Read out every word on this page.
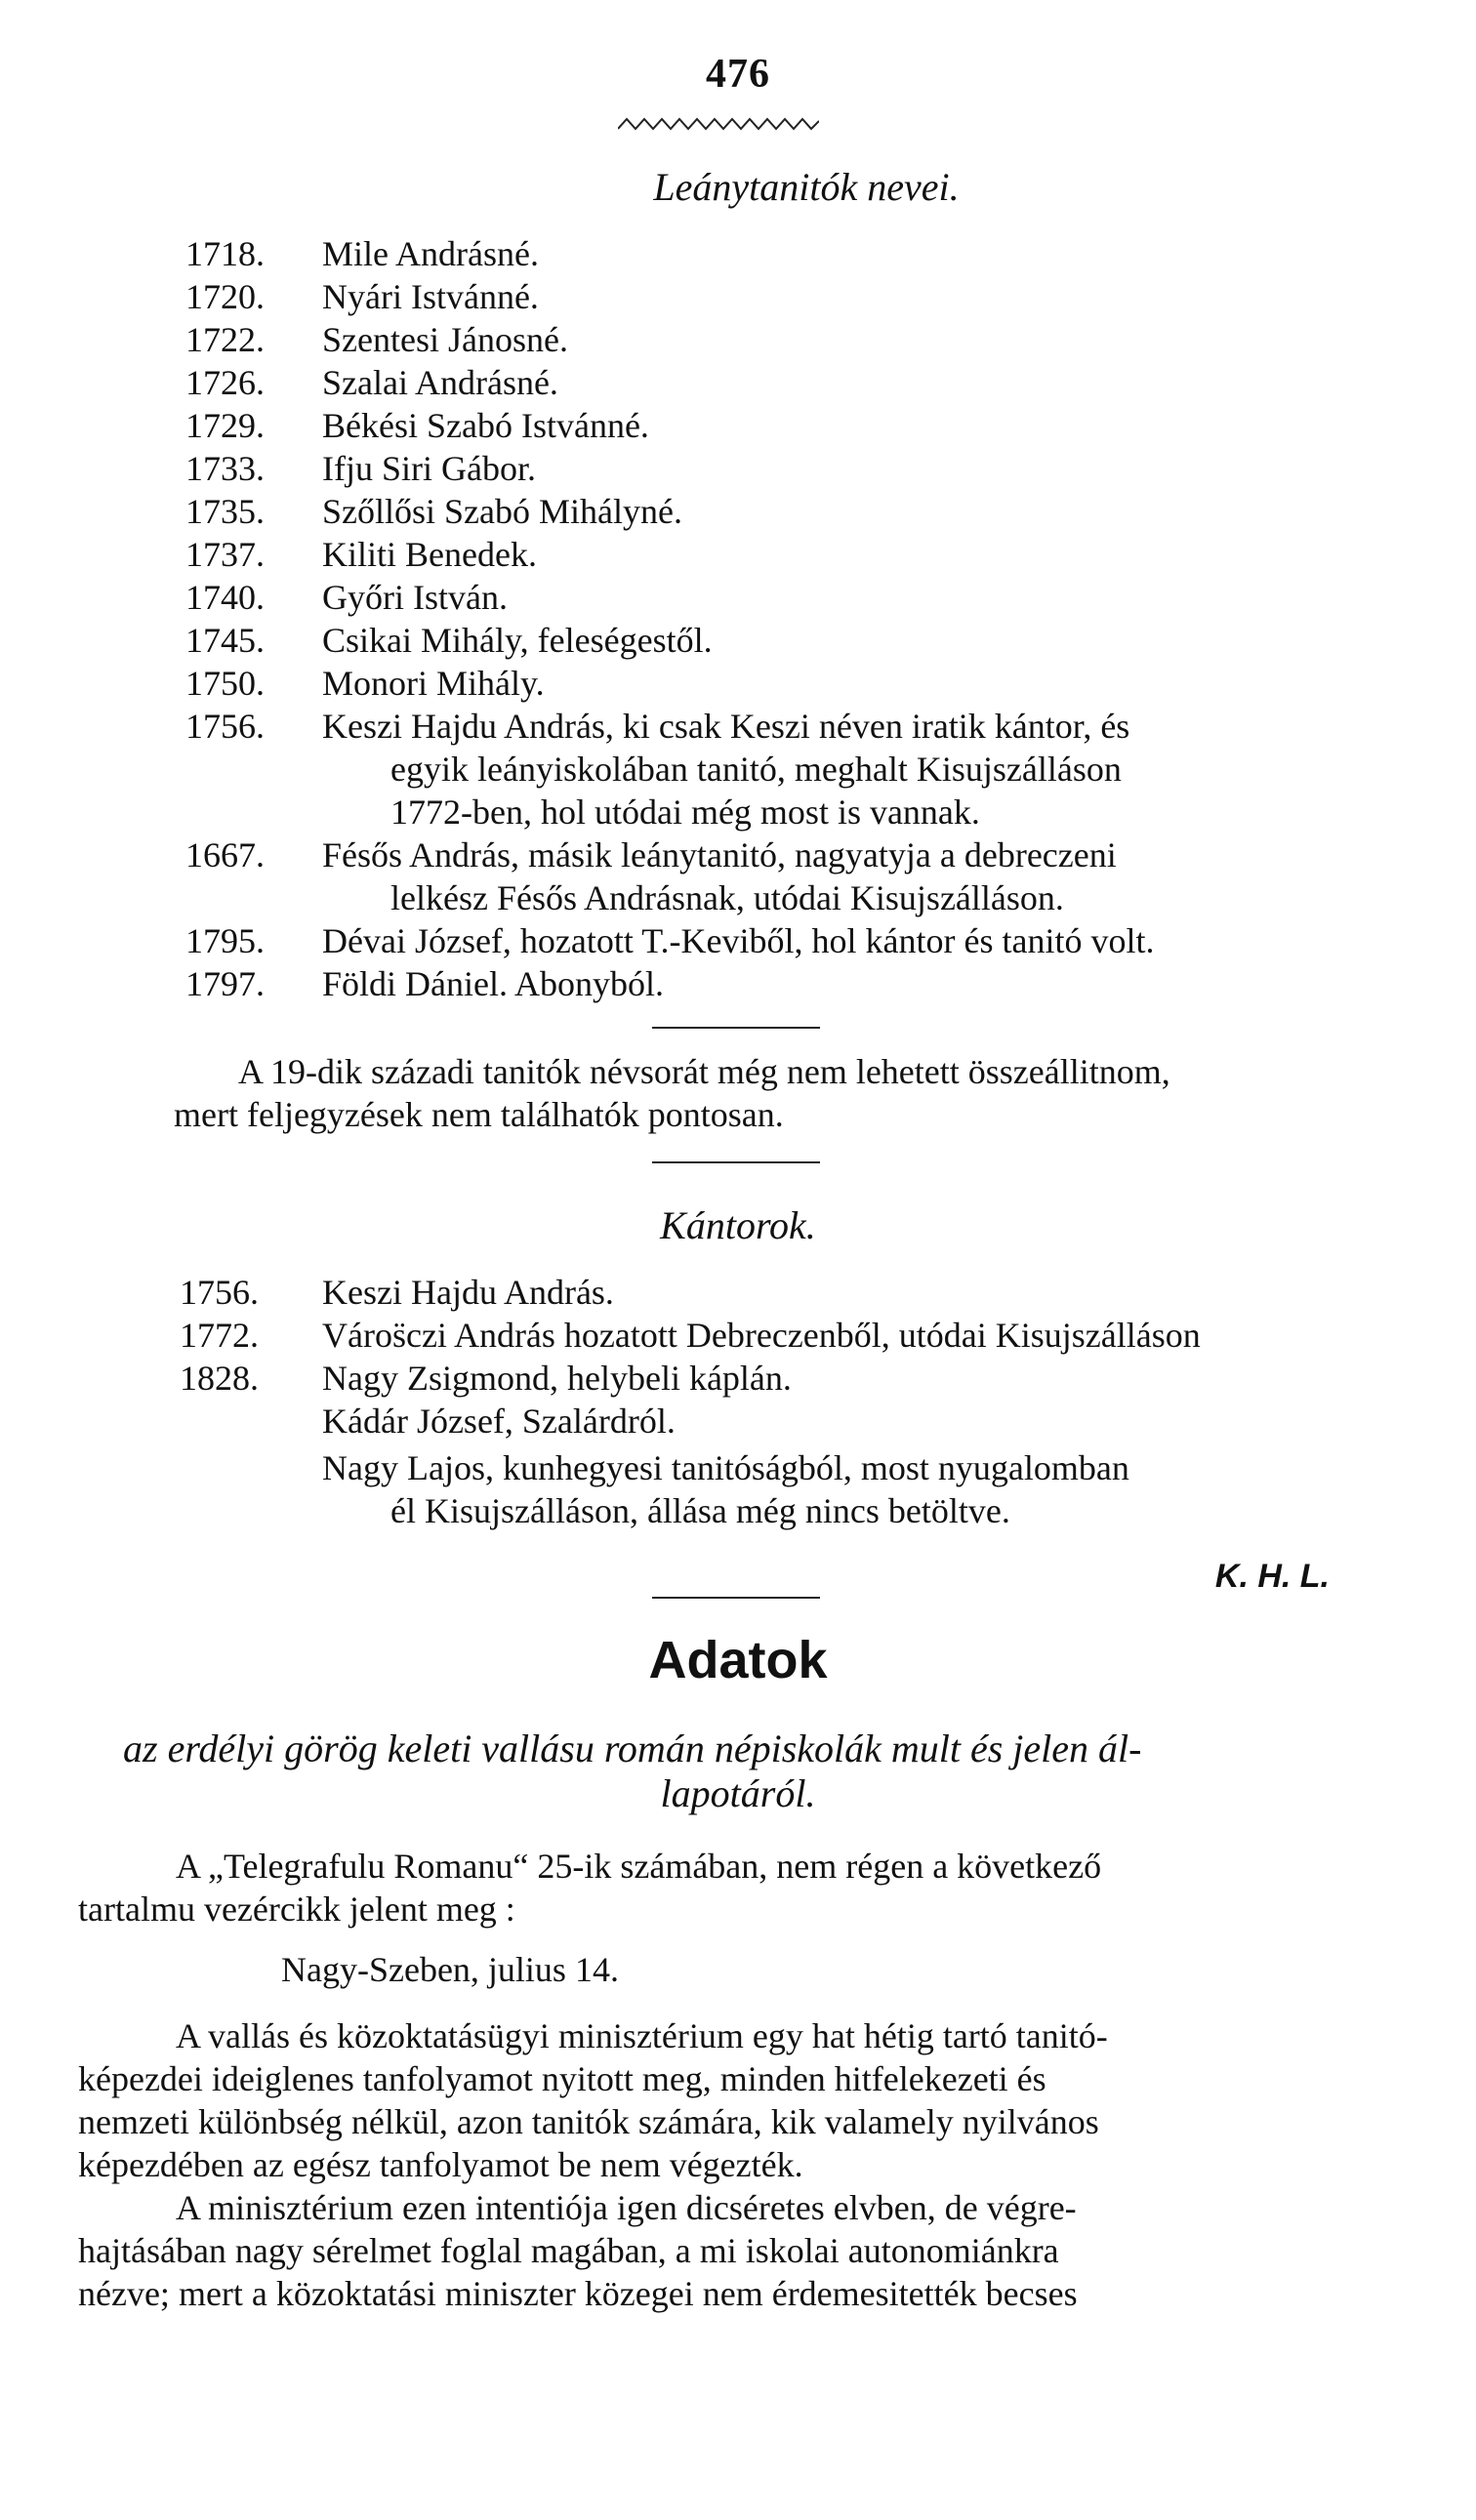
476
Leánytanitók nevei.
1718. Mile Andrásné.
1720. Nyári Istvánné.
1722. Szentesi Jánosné.
1726. Szalai Andrásné.
1729. Békési Szabó Istvánné.
1733. Ifju Siri Gábor.
1735. Szőllősi Szabó Mihályné.
1737. Kiliti Benedek.
1740. Győri István.
1745. Csikai Mihály, feleségestől.
1750. Monori Mihály.
1756. Keszi Hajdu András, ki csak Keszi néven iratik kántor, és
egyik leányiskolában tanitó, meghalt Kisujszálláson
1772-ben, hol utódai még most is vannak.
1667. Fésős András, másik leánytanitó, nagyatyja a debreczeni
lelkész Fésős Andrásnak, utódai Kisujszálláson.
1795. Dévai József, hozatott T.-Keviből, hol kántor és tanitó volt.
1797. Földi Dániel. Abonyból.
A 19-dik századi tanitók névsorát még nem lehetett összeállitnom,
mert feljegyzések nem találhatók pontosan.
Kántorok.
1756. Keszi Hajdu András.
1772. Város̈czi András hozatott Debreczenből, utódai Kisujszálláson
1828. Nagy Zsigmond, helybeli káplán.
Kádár József, Szalárdról.
Nagy Lajos, kunhegyesi tanitóságból, most nyugalomban
él Kisujszálláson, állása még nincs betöltve.
K. H. L.
Adatok
az erdélyi görög keleti vallásu román népiskolák mult és jelen ál-
lapotáról.
A „Telegrafulu Romanu“ 25-ik számában, nem régen a következő
tartalmu vezércikk jelent meg :
Nagy-Szeben, julius 14.
A vallás és közoktatásügyi minisztérium egy hat hétig tartó tanitó-
képezdei ideiglenes tanfolyamot nyitott meg, minden hitfelekezeti és
nemzeti különbség nélkül, azon tanitók számára, kik valamely nyilvános
képezdében az egész tanfolyamot be nem végezték.
A minisztérium ezen intentiója igen dicséretes elvben, de végre-
hajtásában nagy sérelmet foglal magában, a mi iskolai autonomiánkra
nézve; mert a közoktatási miniszter közegei nem érdemesitették becses
